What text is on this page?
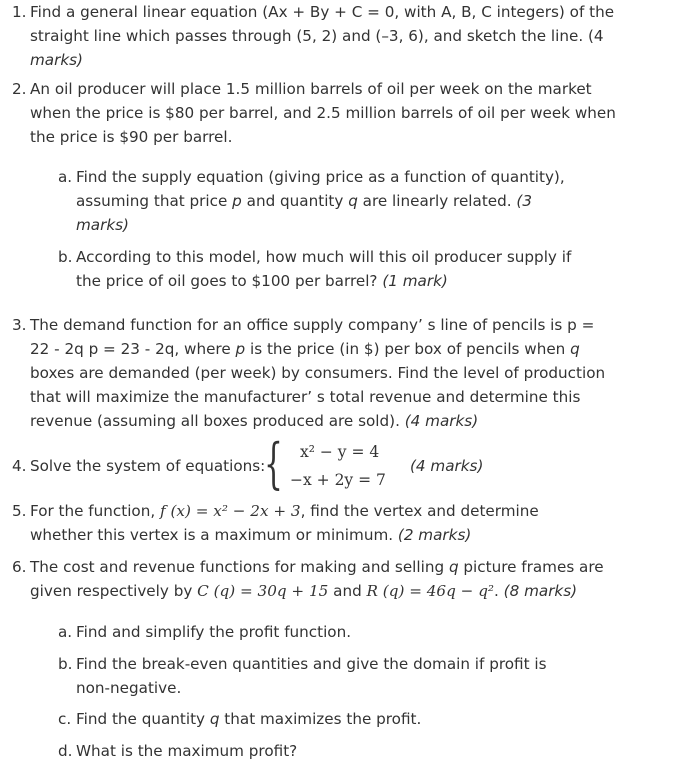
1. Find a general linear equation (Ax + By + C = 0, with A, B, C integers) of the
straight line which passes through (5, 2) and (–3, 6), and sketch the line. (4
marks)
2. An oil producer will place 1.5 million barrels of oil per week on the market
when the price is $80 per barrel, and 2.5 million barrels of oil per week when
the price is $90 per barrel.
a. Find the supply equation (giving price as a function of quantity),
assuming that price p and quantity q are linearly related. (3
marks)
b. According to this model, how much will this oil producer supply if
the price of oil goes to $100 per barrel? (1 mark)
3. The demand function for an office supply company’ s line of pencils is p =
22 - 2q p = 23 - 2q, where p is the price (in $) per box of pencils when q
boxes are demanded (per week) by consumers. Find the level of production
that will maximize the manufacturer’ s total revenue and determine this
revenue (assuming all boxes produced are sold). (4 marks)
4. Solve the system of equations:
{ x² − y = 4
−x + 2y = 7
(4 marks)
5. For the function, f (x) = x² − 2x + 3, find the vertex and determine
whether this vertex is a maximum or minimum. (2 marks)
6. The cost and revenue functions for making and selling q picture frames are
given respectively by C (q) = 30q + 15 and R (q) = 46q − q². (8 marks)
a. Find and simplify the profit function.
b. Find the break-even quantities and give the domain if profit is
non-negative.
c. Find the quantity q that maximizes the profit.
d. What is the maximum profit?
